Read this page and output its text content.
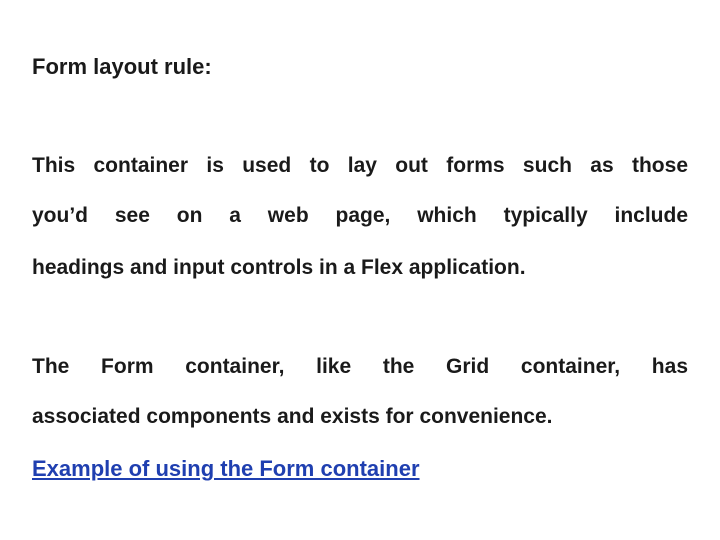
Form layout rule:
This container is used to lay out forms such as those
you’d see on a web page, which typically include
headings and input controls in a Flex application.
The Form container, like the Grid container, has
associated components and exists for convenience.
Example of using the Form container
